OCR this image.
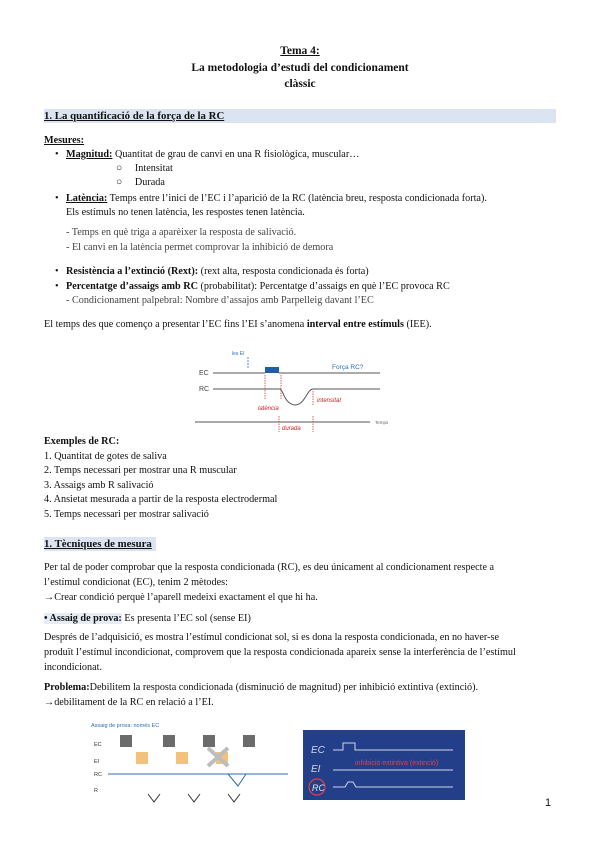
Tema 4:
La metodologia d’estudi del condicionament
clàssic
1. La quantificació de la força de la RC
Mesures:
• Magnitud: Quantitat de grau de canvi en una R fisiològica, muscular…
○     Intensitat
○     Durada
• Latència: Temps entre l’inici de l’EC i l’aparició de la RC (latència breu, resposta condicionada forta).
Els estímuls no tenen latència, les respostes tenen latència.
- Temps en què triga a aparèixer la resposta de salivació.
- El canvi en la latència permet comprovar la inhibició de demora
• Resistència a l’extinció (Rext): (rext alta, resposta condicionada és forta)
• Percentatge d’assaigs amb RC (probabilitat): Percentatge d’assaigs en què l’EC provoca RC
- Condicionament palpebral: Nombre d’assajos amb Parpelleig davant l’EC
El temps des que començo a presentar l’EC fins l’EI s’anomena interval entre estímuls (IEE).
les EI
EC
Força RC?
RC
latència
intensitat
Temps
durada
Exemples de RC:
1. Quantitat de gotes de saliva
2. Temps necessari per mostrar una R muscular
3. Assaigs amb R salivació
4. Ansietat mesurada a partir de la resposta electrodermal
5. Temps necessari per mostrar salivació
1. Tècniques de mesura
Per tal de poder comprobar que la resposta condicionada (RC), es deu únicament al condicionament respecte a
l’estímul condicionat (EC), tenim 2 mètodes:
→Crear condició perquè l’aparell medeixi exactament el que hi ha.
• Assaig de prova: Es presenta l’EC sol (sense EI)
Després de l’adquisició, es mostra l’estímul condicionat sol, si es dona la resposta condicionada, en no haver-se
produït l’estímul incondicionat, comprovem que la resposta condicionada apareix sense la interferència de l’estímul
incondicionat.
Problema:Debilitem la resposta condicionada (disminució de magnitud) per inhibició extintiva (extinció).
→debilitament de la RC en relació a l’EI.
Assaig de prova: només EC
EC
EI
RC
R
EC
EI
RC
inhibició extintiva (extinció)
1
